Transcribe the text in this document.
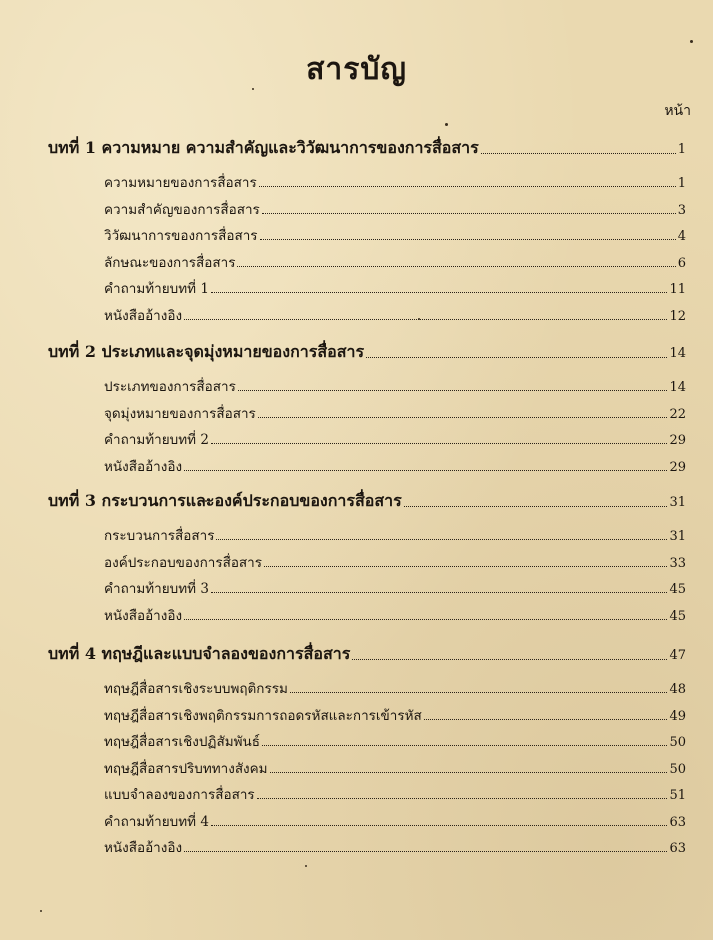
สารบัญ
หน้า
บทที่ 1 ความหมาย ความสำคัญและวิวัฒนาการของการสื่อสาร	1
ความหมายของการสื่อสาร	1
ความสำคัญของการสื่อสาร	3
วิวัฒนาการของการสื่อสาร	4
ลักษณะของการสื่อสาร	6
คำถามท้ายบทที่ 1	11
หนังสืออ้างอิง	12
บทที่ 2 ประเภทและจุดมุ่งหมายของการสื่อสาร	14
ประเภทของการสื่อสาร	14
จุดมุ่งหมายของการสื่อสาร	22
คำถามท้ายบทที่ 2	29
หนังสืออ้างอิง	29
บทที่ 3 กระบวนการและองค์ประกอบของการสื่อสาร	31
กระบวนการสื่อสาร	31
องค์ประกอบของการสื่อสาร	33
คำถามท้ายบทที่ 3	45
หนังสืออ้างอิง	45
บทที่ 4 ทฤษฎีและแบบจำลองของการสื่อสาร	47
ทฤษฎีสื่อสารเชิงระบบพฤติกรรม	48
ทฤษฎีสื่อสารเชิงพฤติกรรมการถอดรหัสและการเข้ารหัส	49
ทฤษฎีสื่อสารเชิงปฏิสัมพันธ์	50
ทฤษฎีสื่อสารปริบททางสังคม	50
แบบจำลองของการสื่อสาร	51
คำถามท้ายบทที่ 4	63
หนังสืออ้างอิง	63
